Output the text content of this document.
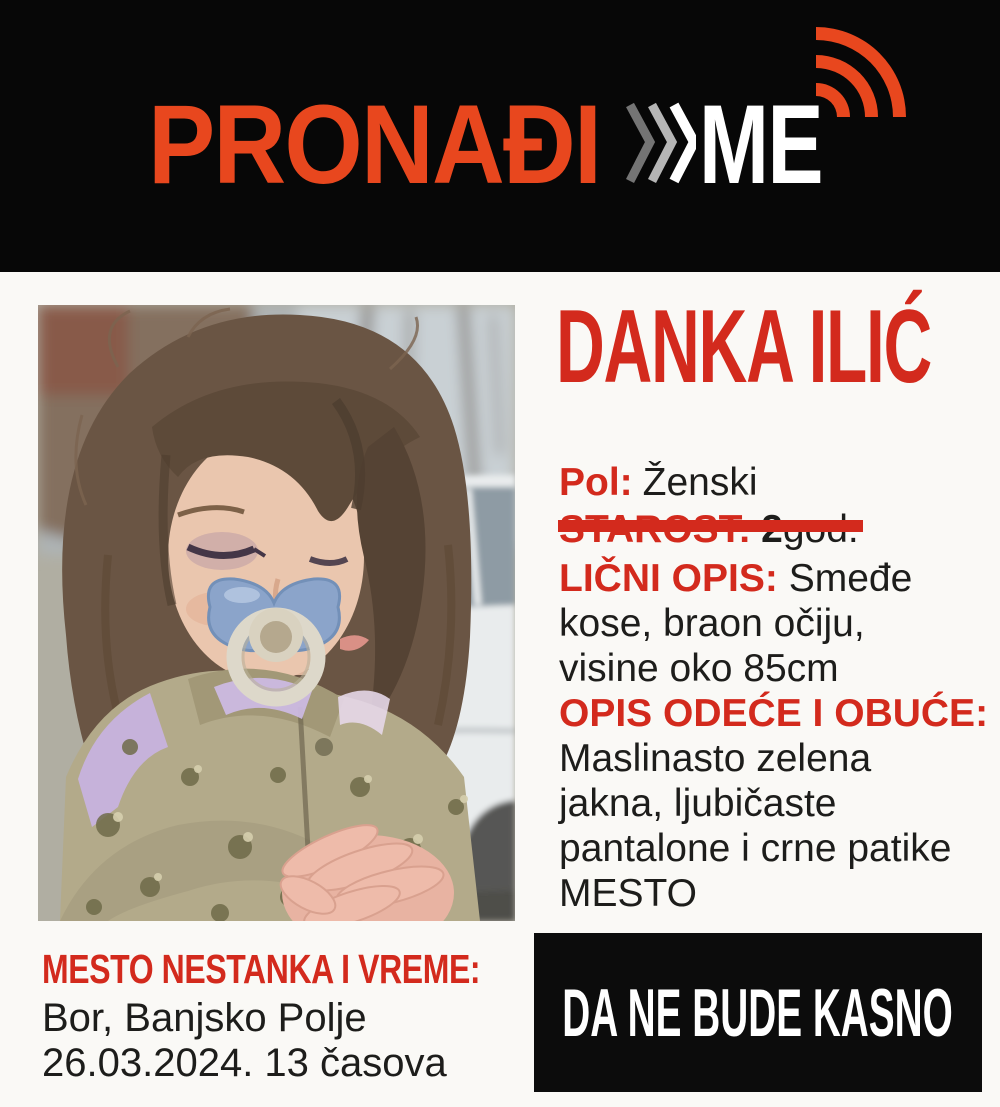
PRONAĐI ME
DANKA ILIĆ

Pol: Ženski

LIČNI OPIS: Smeđe
kose, braon očiju,
visine oko 85cm
OPIS ODEĆE I OBUĆE:
Maslinasto zelena
jakna, ljubičaste
pantalone i crne patike
MESTO
MESTO NESTANKA I VREME:

Bor, Banjsko Polje

26.03.2024. 13 časova

DA NE BUDE KASNO
